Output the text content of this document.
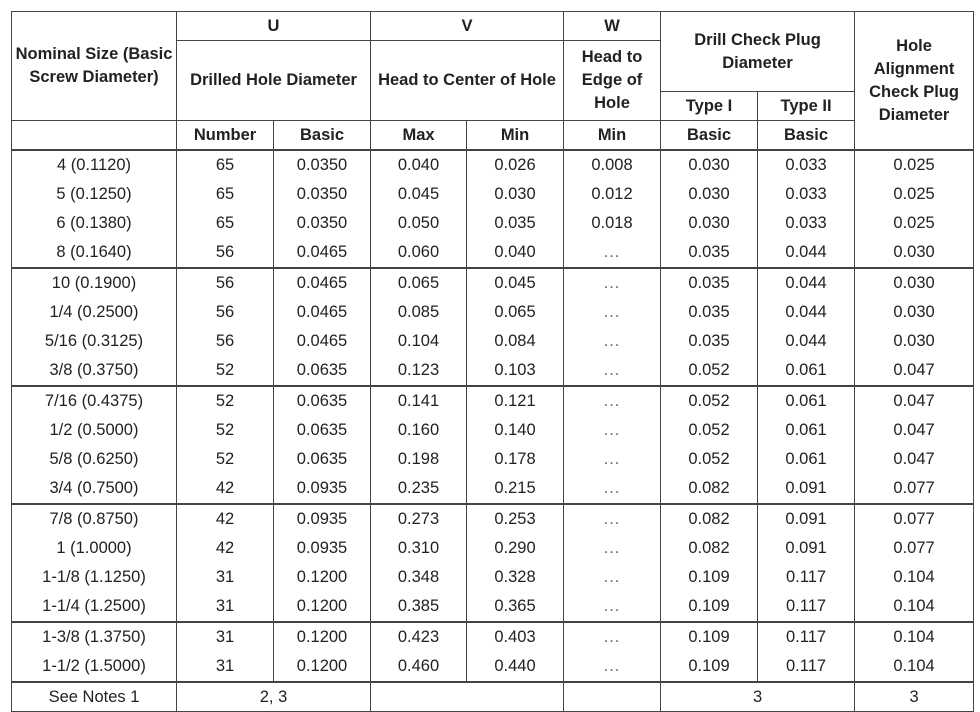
Nominal Size (Basic Screw Diameter)	U		V		W	Drill Check Plug Diameter		Hole Alignment Check Plug Diameter
	Drilled Hole Diameter		Head to Center of Hole		Head to Edge of Hole			
						Type I	Type II	
	Number	Basic	Max	Min	Min	Basic	Basic	
4 (0.1120)	65	0.0350	0.040	0.026	0.008	0.030	0.033	0.025
5 (0.1250)	65	0.0350	0.045	0.030	0.012	0.030	0.033	0.025
6 (0.1380)	65	0.0350	0.050	0.035	0.018	0.030	0.033	0.025
8 (0.1640)	56	0.0465	0.060	0.040	...	0.035	0.044	0.030
10 (0.1900)	56	0.0465	0.065	0.045	...	0.035	0.044	0.030
1/4 (0.2500)	56	0.0465	0.085	0.065	...	0.035	0.044	0.030
5/16 (0.3125)	56	0.0465	0.104	0.084	...	0.035	0.044	0.030
3/8 (0.3750)	52	0.0635	0.123	0.103	...	0.052	0.061	0.047
7/16 (0.4375)	52	0.0635	0.141	0.121	...	0.052	0.061	0.047
1/2 (0.5000)	52	0.0635	0.160	0.140	...	0.052	0.061	0.047
5/8 (0.6250)	52	0.0635	0.198	0.178	...	0.052	0.061	0.047
3/4 (0.7500)	42	0.0935	0.235	0.215	...	0.082	0.091	0.077
7/8 (0.8750)	42	0.0935	0.273	0.253	...	0.082	0.091	0.077
1 (1.0000)	42	0.0935	0.310	0.290	...	0.082	0.091	0.077
1-1/8 (1.1250)	31	0.1200	0.348	0.328	...	0.109	0.117	0.104
1-1/4 (1.2500)	31	0.1200	0.385	0.365	...	0.109	0.117	0.104
1-3/8 (1.3750)	31	0.1200	0.423	0.403	...	0.109	0.117	0.104
1-1/2 (1.5000)	31	0.1200	0.460	0.440	...	0.109	0.117	0.104
See Notes 1	2, 3					3		3
